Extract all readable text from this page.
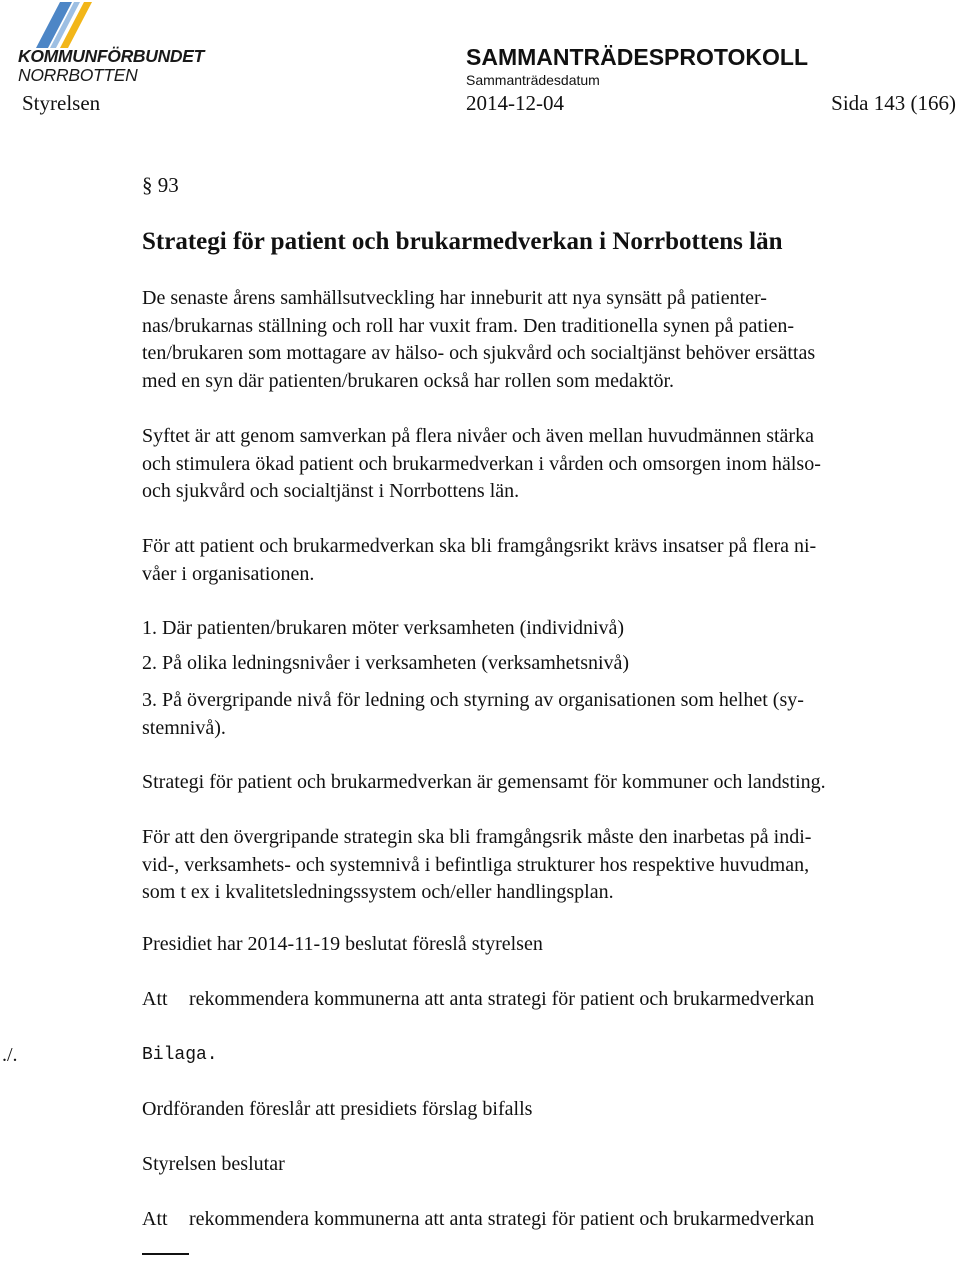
KOMMUNFÖRBUNDET
NORRBOTTEN
SAMMANTRÄDESPROTOKOLL
Sammanträdesdatum
Styrelsen	2014-12-04	Sida 143 (166)
§ 93
Strategi för patient och brukarmedverkan i Norrbottens län
De senaste årens samhällsutveckling har inneburit att nya synsätt på patienter-
nas/brukarnas ställning och roll har vuxit fram. Den traditionella synen på patien-
ten/brukaren som mottagare av hälso- och sjukvård och socialtjänst behöver ersättas
med en syn där patienten/brukaren också har rollen som medaktör.
Syftet är att genom samverkan på flera nivåer och även mellan huvudmännen stärka
och stimulera ökad patient och brukarmedverkan i vården och omsorgen inom hälso-
och sjukvård och socialtjänst i Norrbottens län.
För att patient och brukarmedverkan ska bli framgångsrikt krävs insatser på flera ni-
våer i organisationen.
1. Där patienten/brukaren möter verksamheten (individnivå)
2. På olika ledningsnivåer i verksamheten (verksamhetsnivå)
3. På övergripande nivå för ledning och styrning av organisationen som helhet (sy-
stemnivå).
Strategi för patient och brukarmedverkan är gemensamt för kommuner och landsting.
För att den övergripande strategin ska bli framgångsrik måste den inarbetas på indi-
vid-, verksamhets- och systemnivå i befintliga strukturer hos respektive huvudman,
som t ex i kvalitetsledningssystem och/eller handlingsplan.
Presidiet har 2014-11-19 beslutat föreslå styrelsen
Att rekommendera kommunerna att anta strategi för patient och brukarmedverkan
./.	Bilaga.
Ordföranden föreslår att presidiets förslag bifalls
Styrelsen beslutar
Att rekommendera kommunerna att anta strategi för patient och brukarmedverkan
